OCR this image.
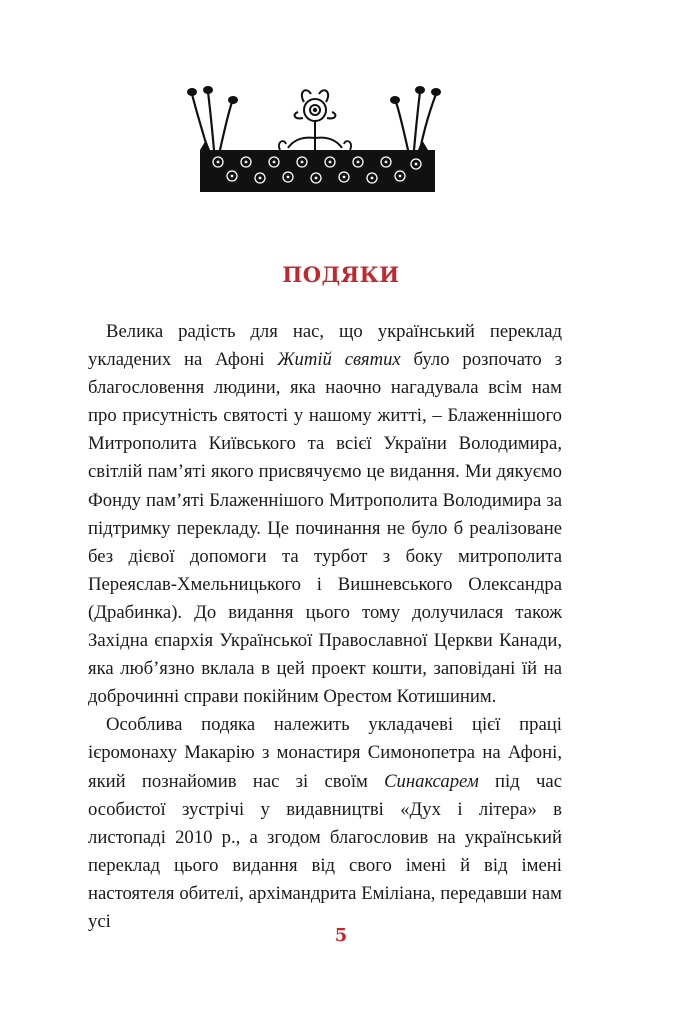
ПОДЯКИ

Велика радість для нас, що український переклад укладених на Афоні Житій святих було розпочато з благословення людини, яка наочно нагадувала всім нам про присутність святості у нашому житті, – Блаженнішого Митрополита Київського та всієї України Володимира, світлій пам’яті якого присвячуємо це видання. Ми дякуємо Фонду пам’яті Блаженнішого Митрополита Володимира за підтримку перекладу. Це починання не було б реалізоване без дієвої допомоги та турбот з боку митрополита Переяслав-Хмельницького і Вишневського Олександра (Драбинка). До видання цього тому долучилася також Західна єпархія Української Православної Церкви Канади, яка люб’язно вклала в цей проект кошти, заповідані їй на доброчинні справи покійним Орестом Котишиним.

Особлива подяка належить укладачеві цієї праці ієромонаху Макарію з монастиря Симонопетра на Афоні, який познайомив нас зі своїм Синаксарем під час особистої зустрічі у видавництві «Дух і літера» в листопаді 2010 р., а згодом благословив на український переклад цього видання від свого імені й від імені настоятеля обителі, архімандрита Еміліана, передавши нам усі

5
